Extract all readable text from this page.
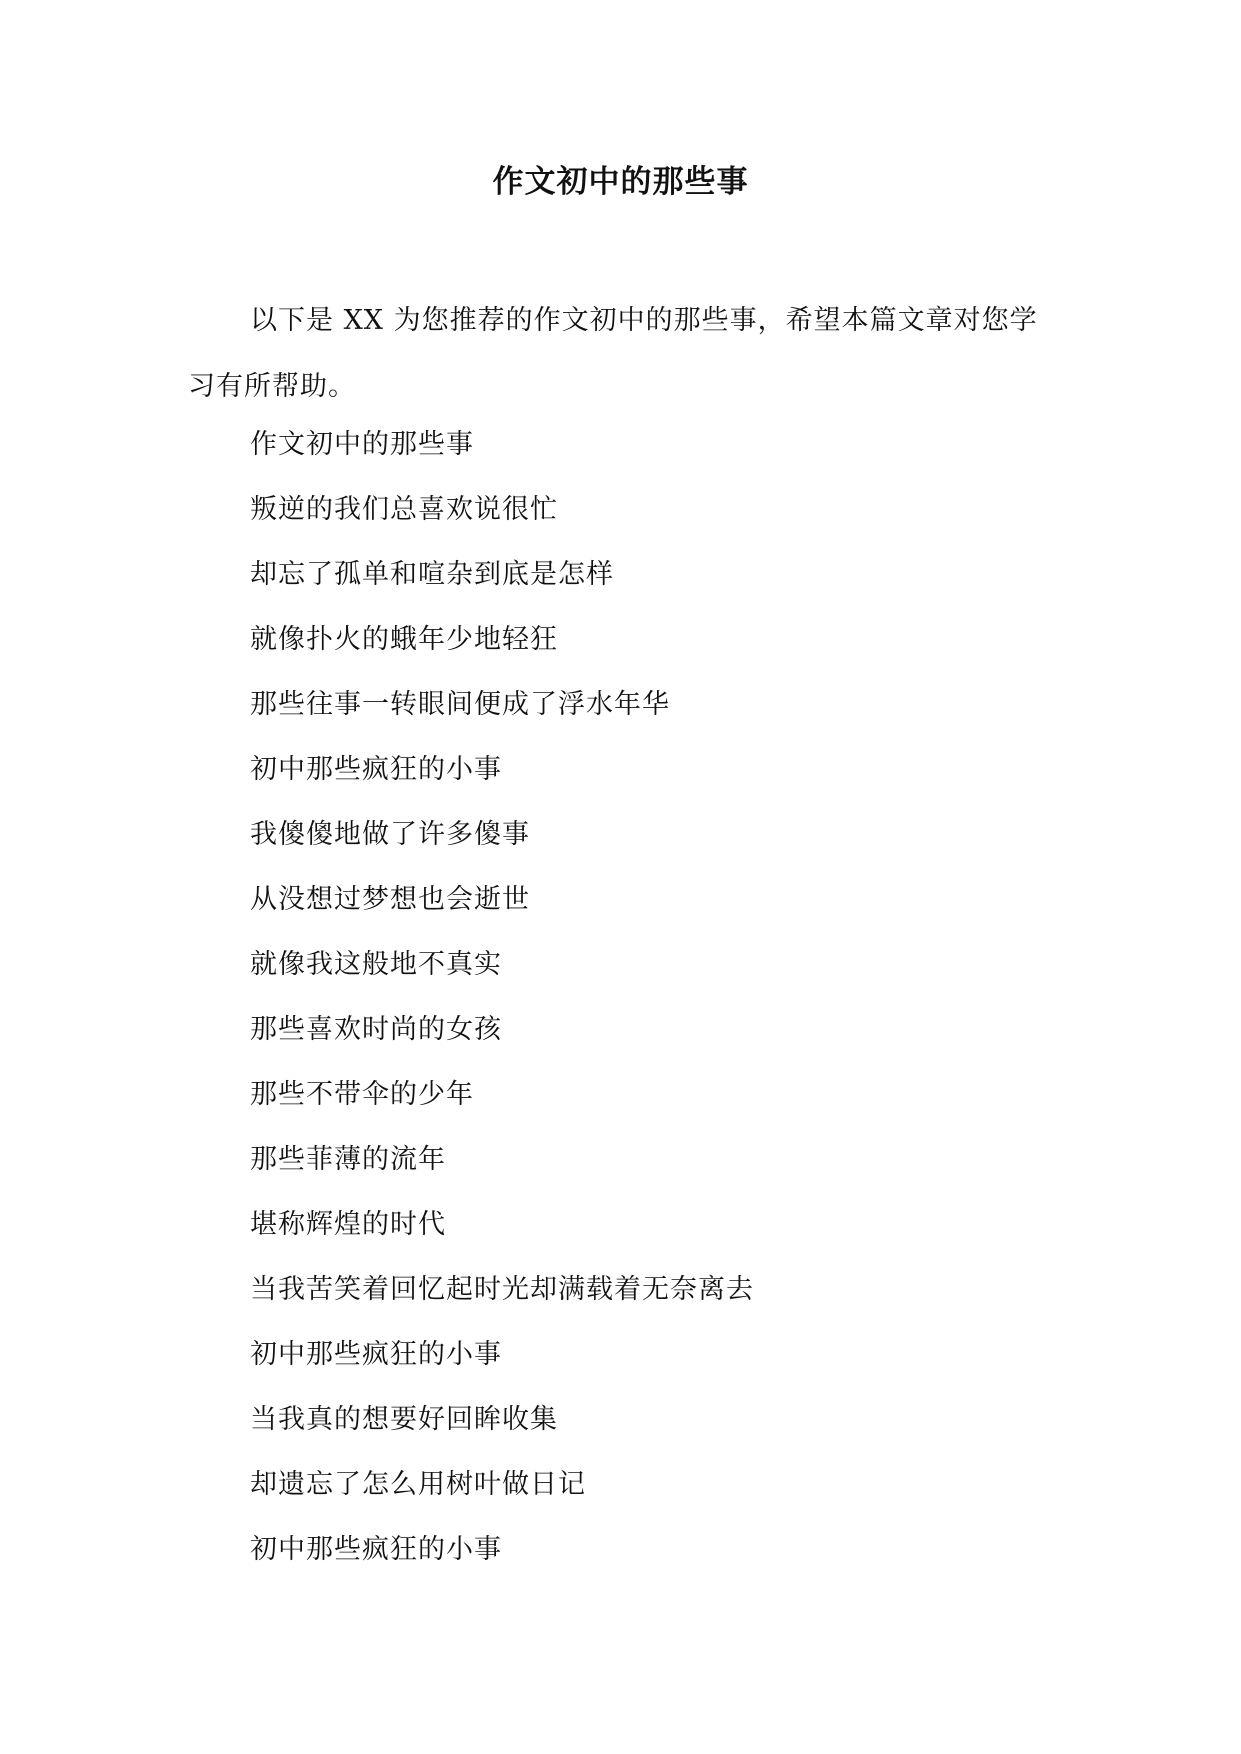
作文初中的那些事

以下是 XX 为您推荐的作文初中的那些事，希望本篇文章对您学习有所帮助。

作文初中的那些事
叛逆的我们总喜欢说很忙
却忘了孤单和喧杂到底是怎样
就像扑火的蛾年少地轻狂
那些往事一转眼间便成了浮水年华
初中那些疯狂的小事
我傻傻地做了许多傻事
从没想过梦想也会逝世
就像我这般地不真实
那些喜欢时尚的女孩
那些不带伞的少年
那些菲薄的流年
堪称辉煌的时代
当我苦笑着回忆起时光却满载着无奈离去
初中那些疯狂的小事
当我真的想要好回眸收集
却遗忘了怎么用树叶做日记
初中那些疯狂的小事
